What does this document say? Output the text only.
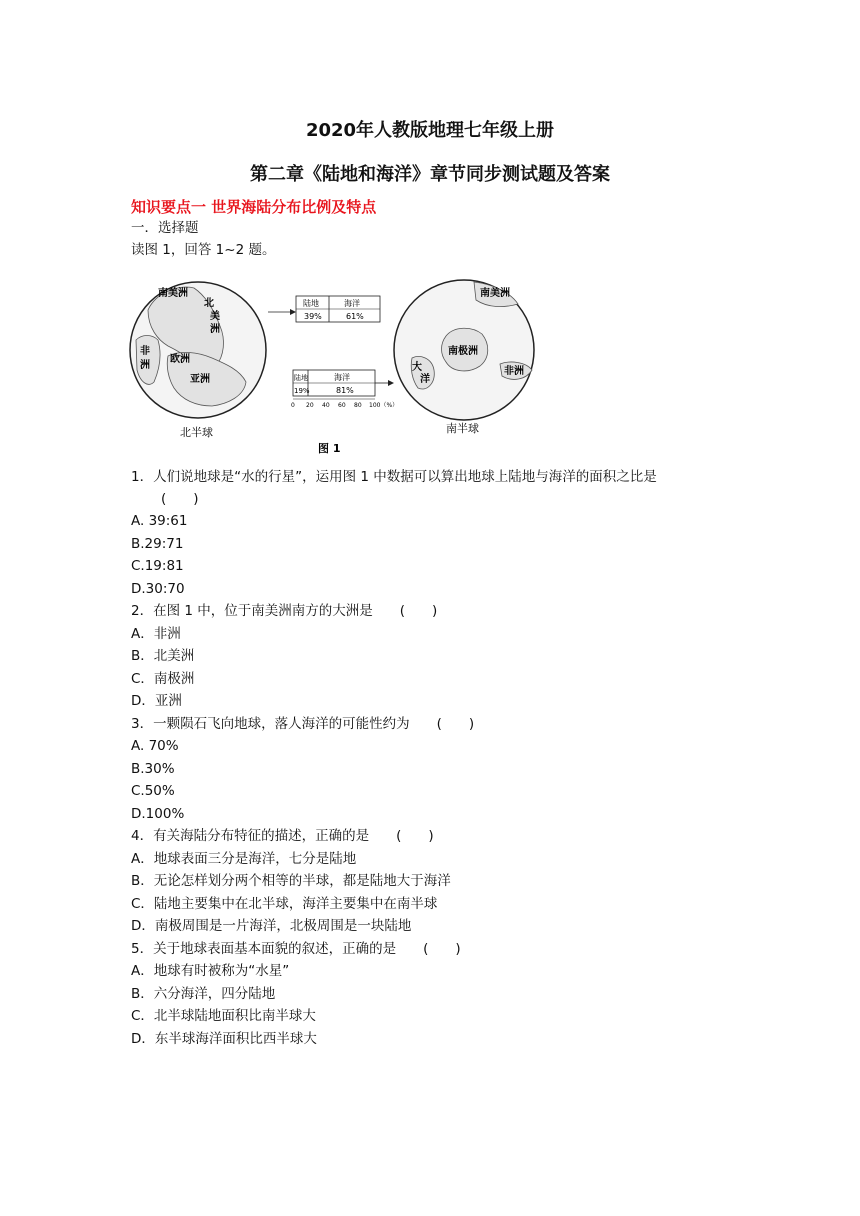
2020年人教版地理七年级上册
第二章《陆地和海洋》章节同步测试题及答案
知识要点一 世界海陆分布比例及特点
一．选择题
读图 1，回答 1~2 题。
南美洲
北
美
洲
非
洲
欧洲
亚洲
北半球
陆地	海洋
39%	61%
陆地	海洋
19%	81%
0 20 40 60 80 100（%）
南美洲
南极洲
大
洋
非洲
南半球
图 1
1．人们说地球是“水的行星”，运用图 1 中数据可以算出地球上陆地与海洋的面积之比是
(　　)
A. 39:61
B.29:71
C.19:81
D.30:70
2．在图 1 中，位于南美洲南方的大洲是　　(　　)
A．非洲
B．北美洲
C．南极洲
D．亚洲
3．一颗陨石飞向地球，落人海洋的可能性约为　　(　　)
A. 70%
B.30%
C.50%
D.100%
4．有关海陆分布特征的描述，正确的是　　(　　)
A．地球表面三分是海洋，七分是陆地
B．无论怎样划分两个相等的半球，都是陆地大于海洋
C．陆地主要集中在北半球，海洋主要集中在南半球
D．南极周围是一片海洋，北极周围是一块陆地
5．关于地球表面基本面貌的叙述，正确的是　　(　　)
A．地球有时被称为“水星”
B．六分海洋，四分陆地
C．北半球陆地面积比南半球大
D．东半球海洋面积比西半球大
